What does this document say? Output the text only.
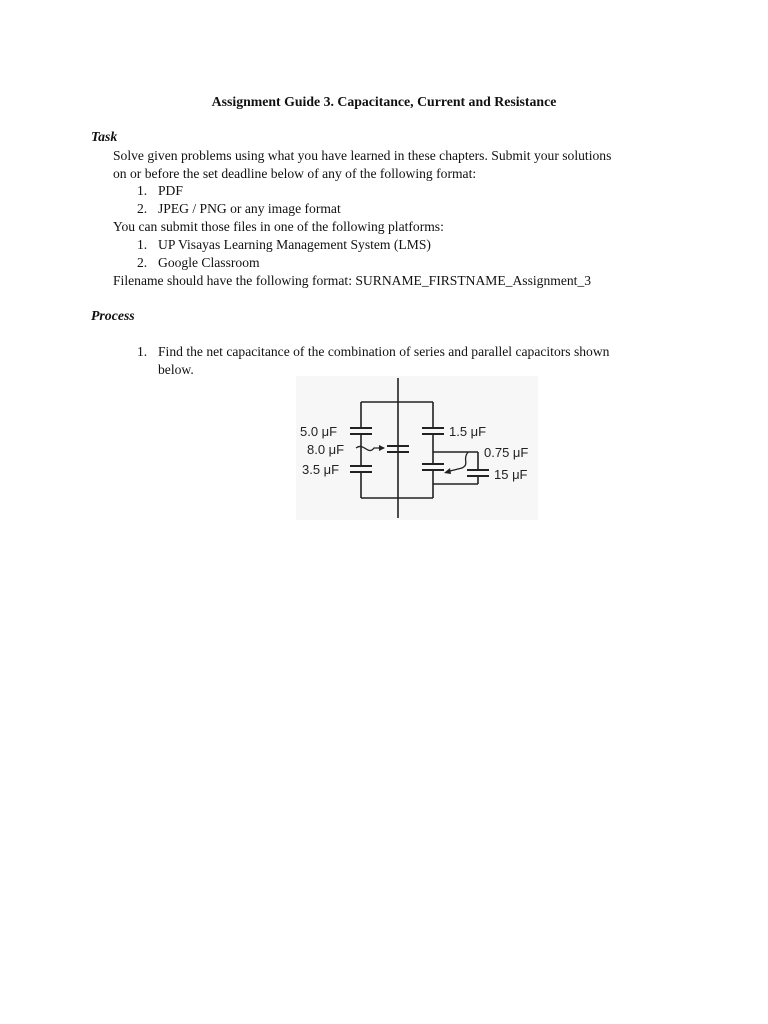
Assignment Guide 3. Capacitance, Current and Resistance
Task
Solve given problems using what you have learned in these chapters. Submit your solutions
on or before the set deadline below of any of the following format:
1. PDF
2. JPEG / PNG or any image format
You can submit those files in one of the following platforms:
1. UP Visayas Learning Management System (LMS)
2. Google Classroom
Filename should have the following format: SURNAME_FIRSTNAME_Assignment_3
Process
1. Find the net capacitance of the combination of series and parallel capacitors shown
below.
5.0 μF
8.0 μF
3.5 μF
1.5 μF
0.75 μF
15 μF
